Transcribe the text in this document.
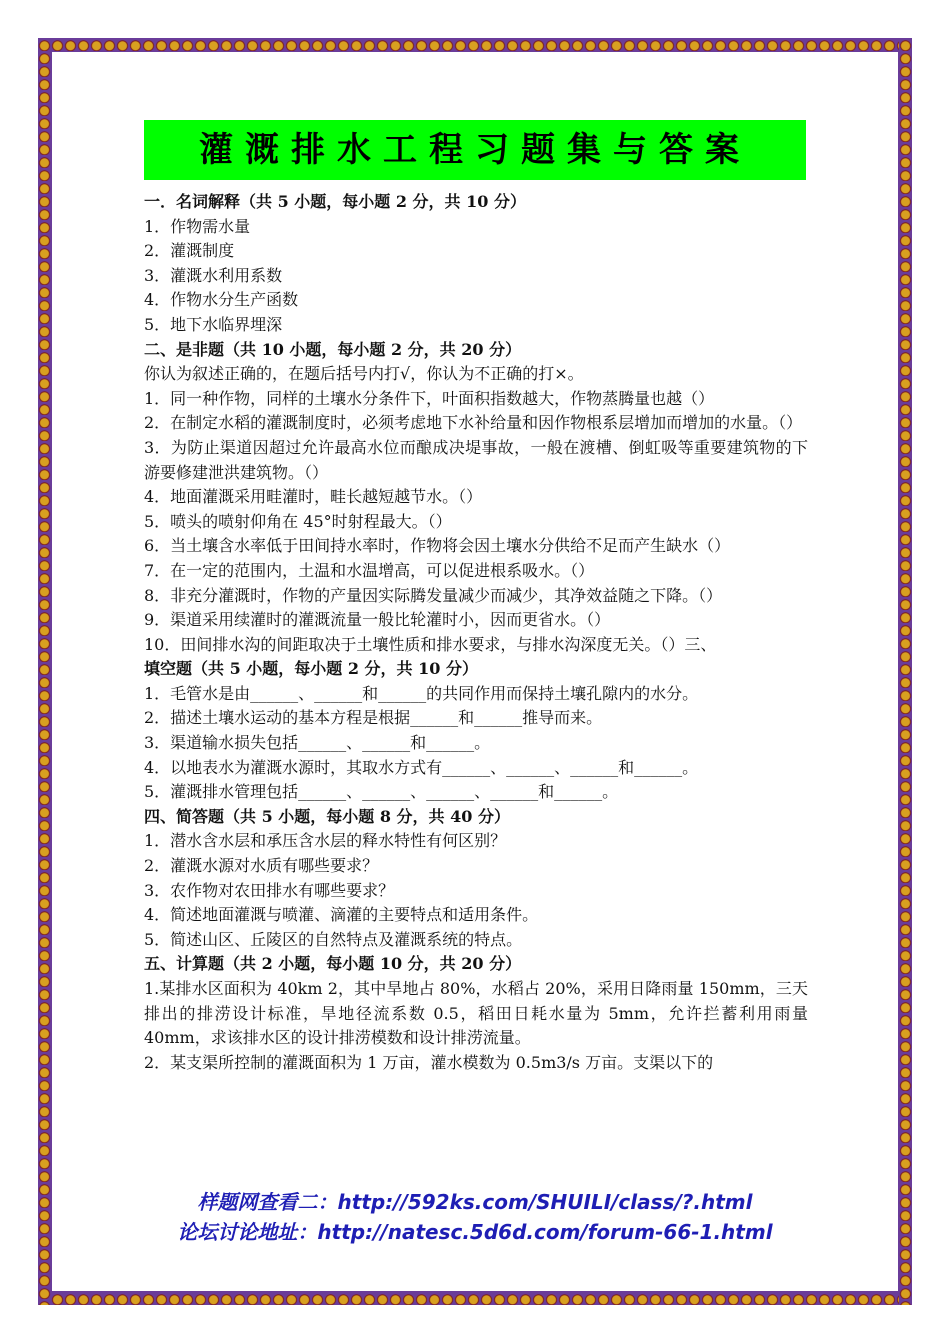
灌溉排水工程习题集与答案

一．名词解释（共 5 小题，每小题 2 分，共 10 分）

1．作物需水量

2．灌溉制度

3．灌溉水利用系数

4．作物水分生产函数

5．地下水临界埋深

二、是非题（共 10 小题，每小题 2 分，共 20 分）

你认为叙述正确的，在题后括号内打√，你认为不正确的打×。

1．同一种作物，同样的土壤水分条件下，叶面积指数越大，作物蒸腾量也越（）

2．在制定水稻的灌溉制度时，必须考虑地下水补给量和因作物根系层增加而增加的水量。（）

3．为防止渠道因超过允许最高水位而酿成决堤事故，一般在渡槽、倒虹吸等重要建筑物的下游要修建泄洪建筑物。（）

4．地面灌溉采用畦灌时，畦长越短越节水。（）

5．喷头的喷射仰角在 45°时射程最大。（）

6．当土壤含水率低于田间持水率时，作物将会因土壤水分供给不足而产生缺水（）

7．在一定的范围内，土温和水温增高，可以促进根系吸水。（）

8．非充分灌溉时，作物的产量因实际腾发量减少而减少，其净效益随之下降。（）

9．渠道采用续灌时的灌溉流量一般比轮灌时小，因而更省水。（）

10．田间排水沟的间距取决于土壤性质和排水要求，与排水沟深度无关。（）三、

填空题（共 5 小题，每小题 2 分，共 10 分）

1．毛管水是由______、______和______的共同作用而保持土壤孔隙内的水分。

2．描述土壤水运动的基本方程是根据______和______推导而来。

3．渠道输水损失包括______、______和______。

4．以地表水为灌溉水源时，其取水方式有______、______、______和______。

5．灌溉排水管理包括______、______、______、______和______。

四、简答题（共 5 小题，每小题 8 分，共 40 分）

1．潜水含水层和承压含水层的释水特性有何区别？

2．灌溉水源对水质有哪些要求？

3．农作物对农田排水有哪些要求？

4．简述地面灌溉与喷灌、滴灌的主要特点和适用条件。

5．简述山区、丘陵区的自然特点及灌溉系统的特点。

五、计算题（共 2 小题，每小题 10 分，共 20 分）

1.某排水区面积为 40km 2，其中旱地占 80%，水稻占 20%，采用日降雨量 150mm，三天排出的排涝设计标准，旱地径流系数 0.5，稻田日耗水量为 5mm，允许拦蓄利用雨量 40mm，求该排水区的设计排涝模数和设计排涝流量。

2．某支渠所控制的灌溉面积为 1 万亩，灌水模数为 0.5m3/s 万亩。支渠以下的

样题网查看二：http://592ks.com/SHUILI/class/?.html
论坛讨论地址：http://natesc.5d6d.com/forum-66-1.html
